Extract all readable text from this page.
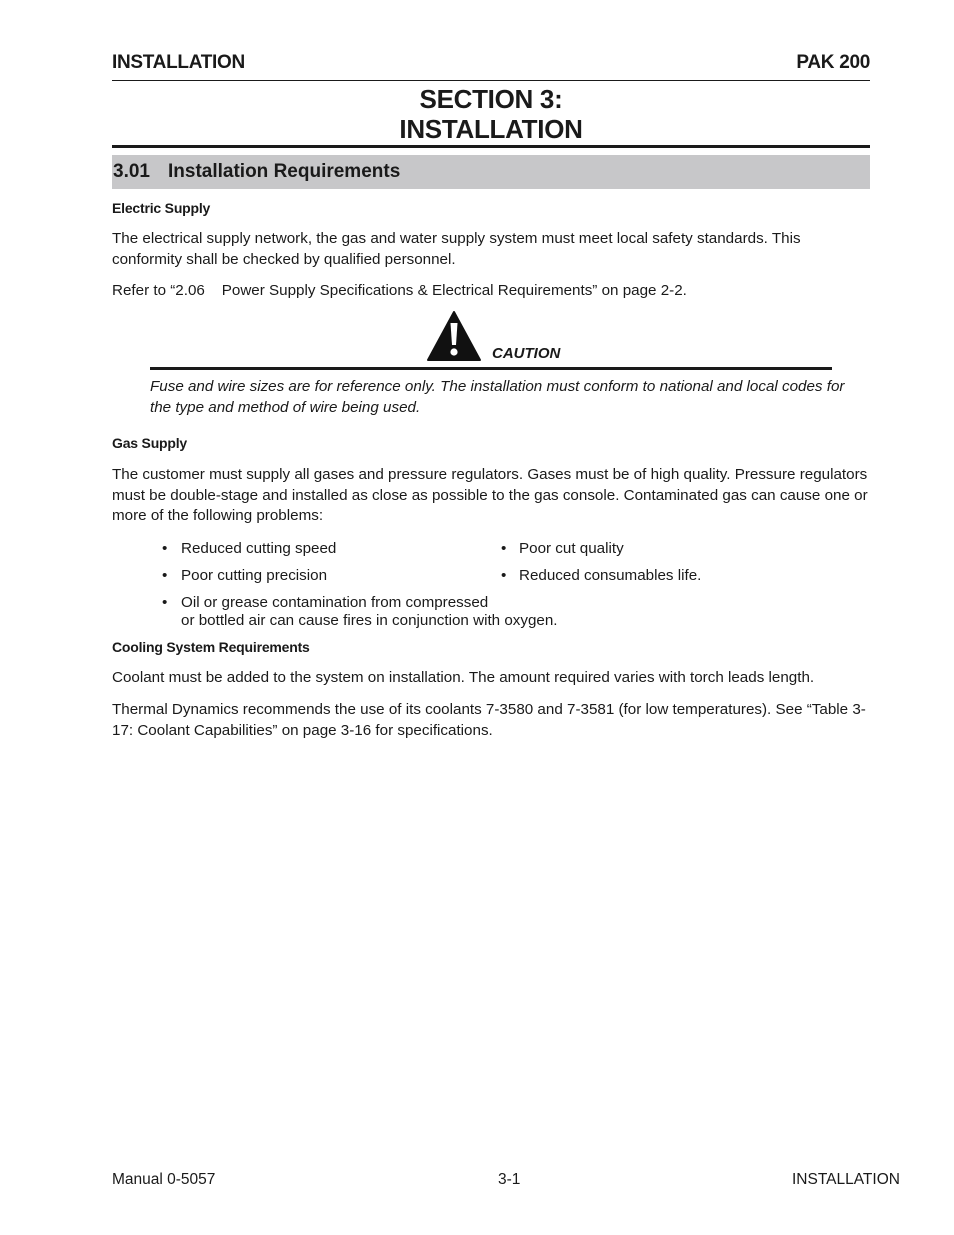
INSTALLATION	PAK 200
SECTION 3:
INSTALLATION
3.01 Installation Requirements
Electric Supply
The electrical supply network, the gas and water supply system must meet local safety standards. This conformity shall be checked by qualified personnel.
Refer to “2.06    Power Supply Specifications & Electrical Requirements” on page 2-2.
CAUTION
Fuse and wire sizes are for reference only. The installation must conform to national and local codes for the type and method of wire being used.
Gas Supply
The customer must supply all gases and pressure regulators. Gases must be of high quality. Pressure regulators must be double-stage and installed as close as possible to the gas console. Contaminated gas can cause one or more of the following problems:
• Reduced cutting speed	• Poor cut quality
• Poor cutting precision	• Reduced consumables life.
• Oil or grease contamination from compressed
or bottled air can cause fires in conjunction with oxygen.
Cooling System Requirements
Coolant must be added to the system on installation. The amount required varies with torch leads length.
Thermal Dynamics recommends the use of its coolants 7-3580 and 7-3581 (for low temperatures). See “Table 3-17: Coolant Capabilities” on page 3-16 for specifications.
Manual 0-5057	3-1	INSTALLATION
